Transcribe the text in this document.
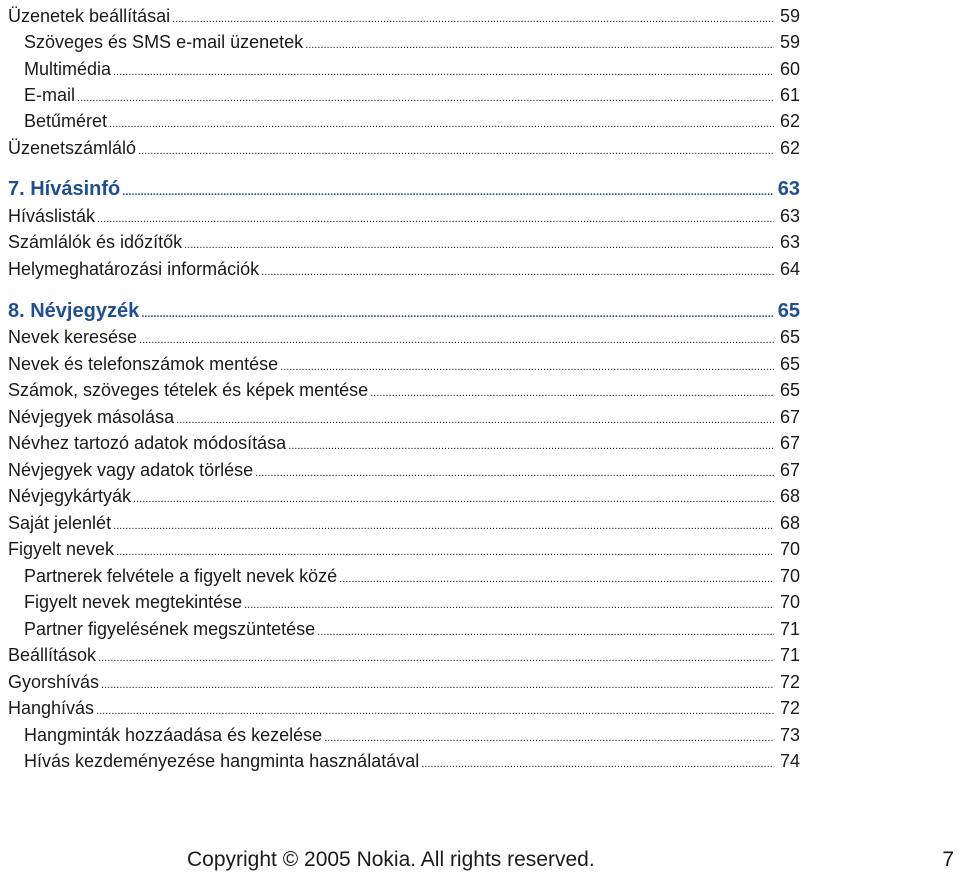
Üzenetek beállításai .....	59
Szöveges és SMS e-mail üzenetek .....	59
Multimédia .....	60
E-mail .....	61
Betűméret .....	62
Üzenetszámláló .....	62
7. Hívásinfó .....	63
Híváslisták .....	63
Számlálók és időzítők .....	63
Helymeghatározási információk .....	64
8. Névjegyzék .....	65
Nevek keresése .....	65
Nevek és telefonszámok mentése .....	65
Számok, szöveges tételek és képek mentése .....	65
Névjegyek másolása .....	67
Névhez tartozó adatok módosítása .....	67
Névjegyek vagy adatok törlése .....	67
Névjegykártyák .....	68
Saját jelenlét .....	68
Figyelt nevek .....	70
Partnerek felvétele a figyelt nevek közé .....	70
Figyelt nevek megtekintése .....	70
Partner figyelésének megszüntetése .....	71
Beállítások .....	71
Gyorshívás .....	72
Hanghívás .....	72
Hangminták hozzáadása és kezelése .....	73
Hívás kezdeményezése hangminta használatával .....	74
Copyright © 2005 Nokia. All rights reserved.	7
